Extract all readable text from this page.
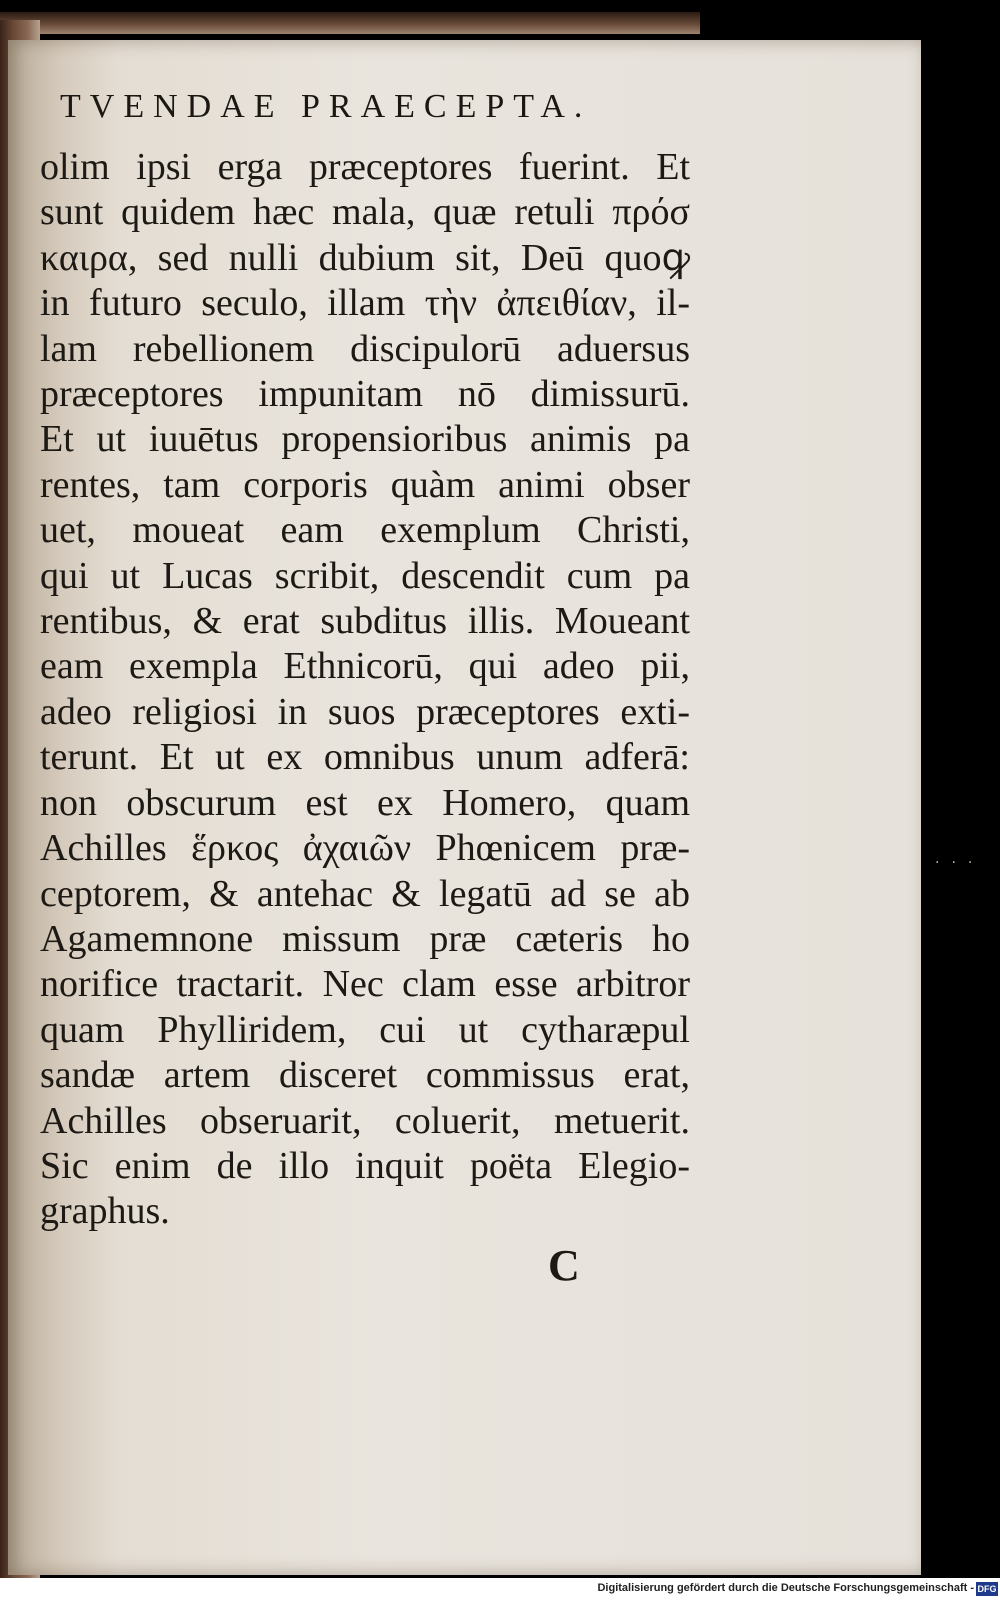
TVENDAE PRAECEPTA.
olim ipsi erga præceptores fuerint. Et
sunt quidem hæc mala, quæ retuli πρόσ
καιρα, sed nulli dubium sit, Deū quoꝙ
in futuro seculo, illam τὴν ἀπειθίαν, il-
lam rebellionem discipulorū aduersus
præceptores impunitam nō dimissurū.
Et ut iuuētus propensioribus animis pa
rentes, tam corporis quàm animi obser
uet, moueat eam exemplum Christi,
qui ut Lucas scribit, descendit cum pa
rentibus, & erat subditus illis. Moueant
eam exempla Ethnicorū, qui adeo pii,
adeo religiosi in suos præceptores exti-
terunt. Et ut ex omnibus unum adferā:
non obscurum est ex Homero, quam
Achilles ἕρκος ἀχαιῶν Phœnicem præ-
ceptorem, & antehac & legatū ad se ab
Agamemnone missum præ cæteris ho
norifice tractarit. Nec clam esse arbitror
quam Phylliridem, cui ut cytharæpul
sandæ artem disceret commissus erat,
Achilles obseruarit, coluerit, metuerit.
Sic enim de illo inquit poëta Elegio-
graphus.
C
···
Digitalisierung gefördert durch die Deutsche Forschungsgemeinschaft - DFG
